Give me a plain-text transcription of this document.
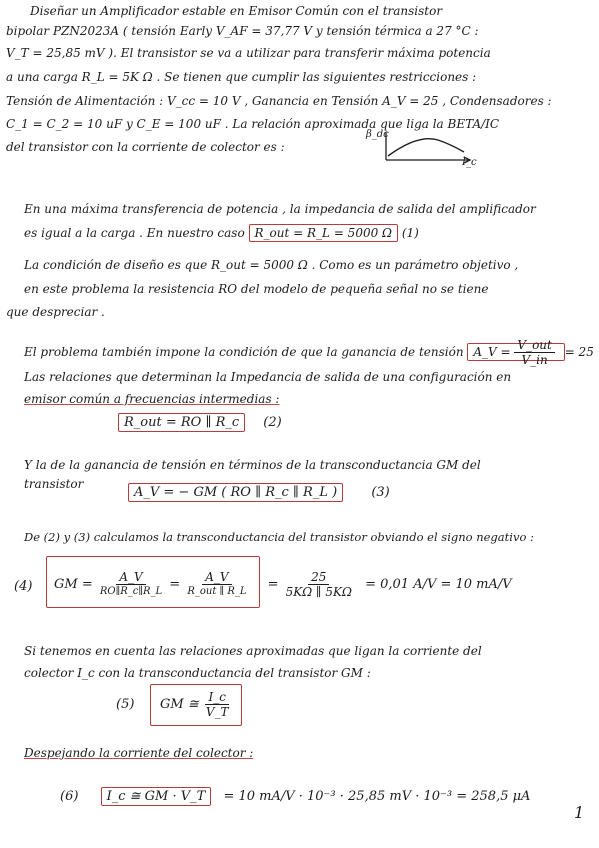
Diseñar un Amplificador estable en Emisor Común con el transistor
bipolar PZN2023A ( tensión Early V_AF = 37,77 V y tensión térmica a 27 °C :
V_T = 25,85 mV ). El transistor se va a utilizar para transferir máxima potencia
a una carga R_L = 5K Ω . Se tienen que cumplir las siguientes restricciones :
Tensión de Alimentación : V_cc = 10 V , Ganancia en Tensión A_V = 25 , Condensadores :
C_1 = C_2 = 10 uF y C_E = 100 uF . La relación aproximada que liga la BETA/IC
del transistor con la corriente de colector es :
β_dc
I_c
En una máxima transferencia de potencia , la impedancia de salida del amplificador
es igual a la carga . En nuestro caso R_out = R_L = 5000 Ω (1)
La condición de diseño es que R_out = 5000 Ω . Como es un parámetro objetivo ,
en este problema la resistencia RO del modelo de pequeña señal no se tiene
que despreciar .
El problema también impone la condición de que la ganancia de tensión A_V = $\frac{\text{V\_out}}{V\_in} = 25$
Las relaciones que determinan la Impedancia de salida de una configuración en
emisor común a frecuencias intermedias :
R_out = RO ∥ R_c (2)
Y la de la ganancia de tensión en términos de la transconductancia GM del
transistor
A_V = − GM ( RO ∥ R_c ∥ R_L )	(3)
De (2) y (3) calculamos la transconductancia del transistor obviando el signo negativo :
(4) GM = $\frac{A\_V}{RO\parallel R\_c\parallel R\_L} = \frac{A\_V}{\text{R\_out ∥ R\_L}} = \frac{25}{5K\Omega \parallel 5K\Omega} = 0,01$ A/V = 10 mA/V
Si tenemos en cuenta las relaciones aproximadas que ligan la corriente del
colector I_c con la transconductancia del transistor GM :
(5) GM ≅ $\frac{I\_c}{V\_T}$
Despejando la corriente del colector :
(6) I_c ≅ GM · V_T = 10 mA/V · 10⁻³ · 25,85 mV · 10⁻³ = 258,5 μA
1
